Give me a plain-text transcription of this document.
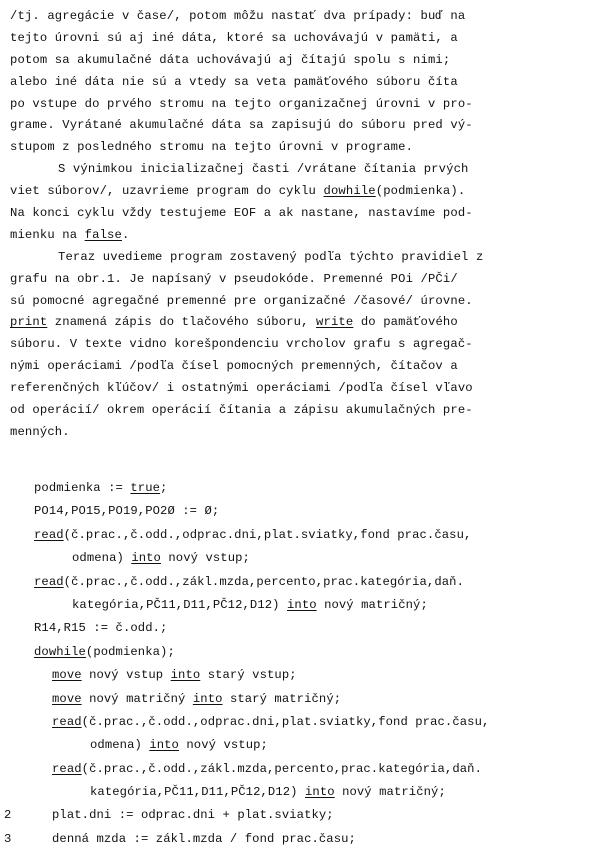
/tj. agregácie v čase/, potom môžu nastať dva prípady: buď na
tejto úrovni sú aj iné dáta, ktoré sa uchovávajú v pamäti, a
potom sa akumulačné dáta uchovávajú aj čítajú spolu s nimi;
alebo iné dáta nie sú a vtedy sa veta pamäťového súboru číta
po vstupe do prvého stromu na tejto organizačnej úrovni v pro-
grame. Vyrátané akumulačné dáta sa zapisujú do súboru pred vý-
stupom z posledného stromu na tejto úrovni v programe.
S výnimkou inicializačnej časti /vrátane čítania prvých
viet súborov/, uzavrieme program do cyklu dowhile(podmienka).
Na konci cyklu vždy testujeme EOF a ak nastane, nastavíme pod-
mienku na false.
Teraz uvedieme program zostavený podľa týchto pravidiel z
grafu na obr.1. Je napísaný v pseudokóde. Premenné POi /PČi/
sú pomocné agregačné premenné pre organizačné /časové/ úrovne.
print znamená zápis do tlačového súboru, write do pamäťového
súboru. V texte vidno korešpondenciu vrcholov grafu s agregač-
nými operáciami /podľa čísel pomocných premenných, čítačov a
referenčných kľúčov/ i ostatnými operáciami /podľa čísel vľavo
od operácií/ okrem operácií čítania a zápisu akumulačných pre-
menných.
podmienka := true;
PO14,PO15,PO19,PO2Ø := Ø;
read(č.prac.,č.odd.,odprac.dni,plat.sviatky,fond prac.času,
odmena) into nový vstup;
read(č.prac.,č.odd.,zákl.mzda,percento,prac.kategória,daň.
kategória,PČ11,D11,PČ12,D12) into nový matričný;
R14,R15 := č.odd.;
dowhile(podmienka);
move nový vstup into starý vstup;
move nový matričný into starý matričný;
read(č.prac.,č.odd.,odprac.dni,plat.sviatky,fond prac.času,
odmena) into nový vstup;
read(č.prac.,č.odd.,zákl.mzda,percento,prac.kategória,daň.
kategória,PČ11,D11,PČ12,D12) into nový matričný;
2	plat.dni := odprac.dni + plat.sviatky;
3	denná mzda := zákl.mzda / fond prac.času;
